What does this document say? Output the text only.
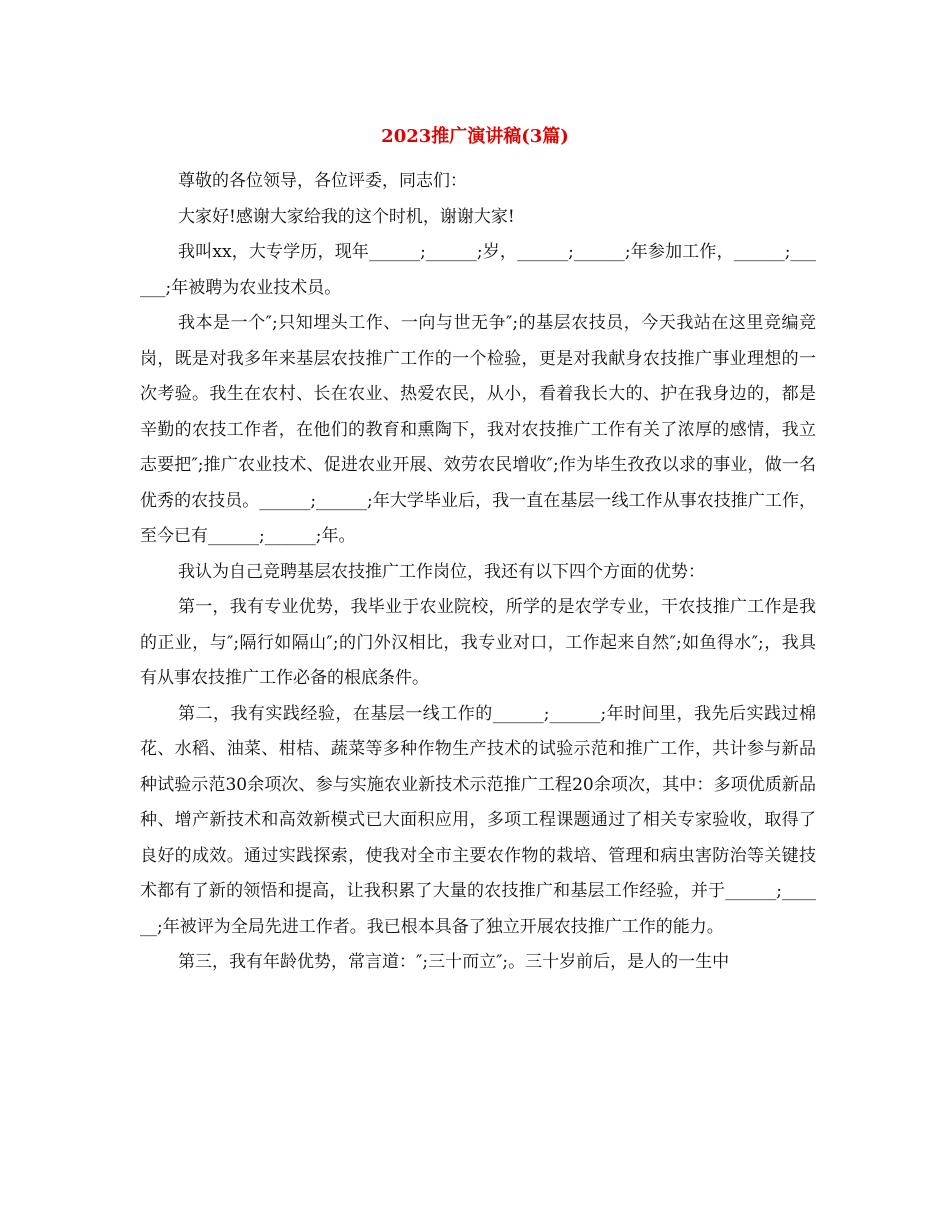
2023推广演讲稿(3篇)

尊敬的各位领导，各位评委，同志们：

大家好!感谢大家给我的这个时机，谢谢大家!

我叫xx，大专学历，现年______;______;岁，______;______;年参加工作，______;______;年被聘为农业技术员。

我本是一个″;只知埋头工作、一向与世无争″;的基层农技员，今天我站在这里竞编竞岗，既是对我多年来基层农技推广工作的一个检验，更是对我献身农技推广事业理想的一次考验。我生在农村、长在农业、热爱农民，从小，看着我长大的、护在我身边的，都是辛勤的农技工作者，在他们的教育和熏陶下，我对农技推广工作有关了浓厚的感情，我立志要把″;推广农业技术、促进农业开展、效劳农民增收″;作为毕生孜孜以求的事业，做一名优秀的农技员。______;______;年大学毕业后，我一直在基层一线工作从事农技推广工作，至今已有______;______;年。

我认为自己竞聘基层农技推广工作岗位，我还有以下四个方面的优势：

第一，我有专业优势，我毕业于农业院校，所学的是农学专业，干农技推广工作是我的正业，与″;隔行如隔山″;的门外汉相比，我专业对口，工作起来自然″;如鱼得水″;，我具有从事农技推广工作必备的根底条件。

第二，我有实践经验，在基层一线工作的______;______;年时间里，我先后实践过棉花、水稻、油菜、柑桔、蔬菜等多种作物生产技术的试验示范和推广工作，共计参与新品种试验示范30余项次、参与实施农业新技术示范推广工程20余项次，其中：多项优质新品种、增产新技术和高效新模式已大面积应用，多项工程课题通过了相关专家验收，取得了良好的成效。通过实践探索，使我对全市主要农作物的栽培、管理和病虫害防治等关键技术都有了新的领悟和提高，让我积累了大量的农技推广和基层工作经验，并于______;______;年被评为全局先进工作者。我已根本具备了独立开展农技推广工作的能力。

第三，我有年龄优势，常言道：″;三十而立″;。三十岁前后，是人的一生中
